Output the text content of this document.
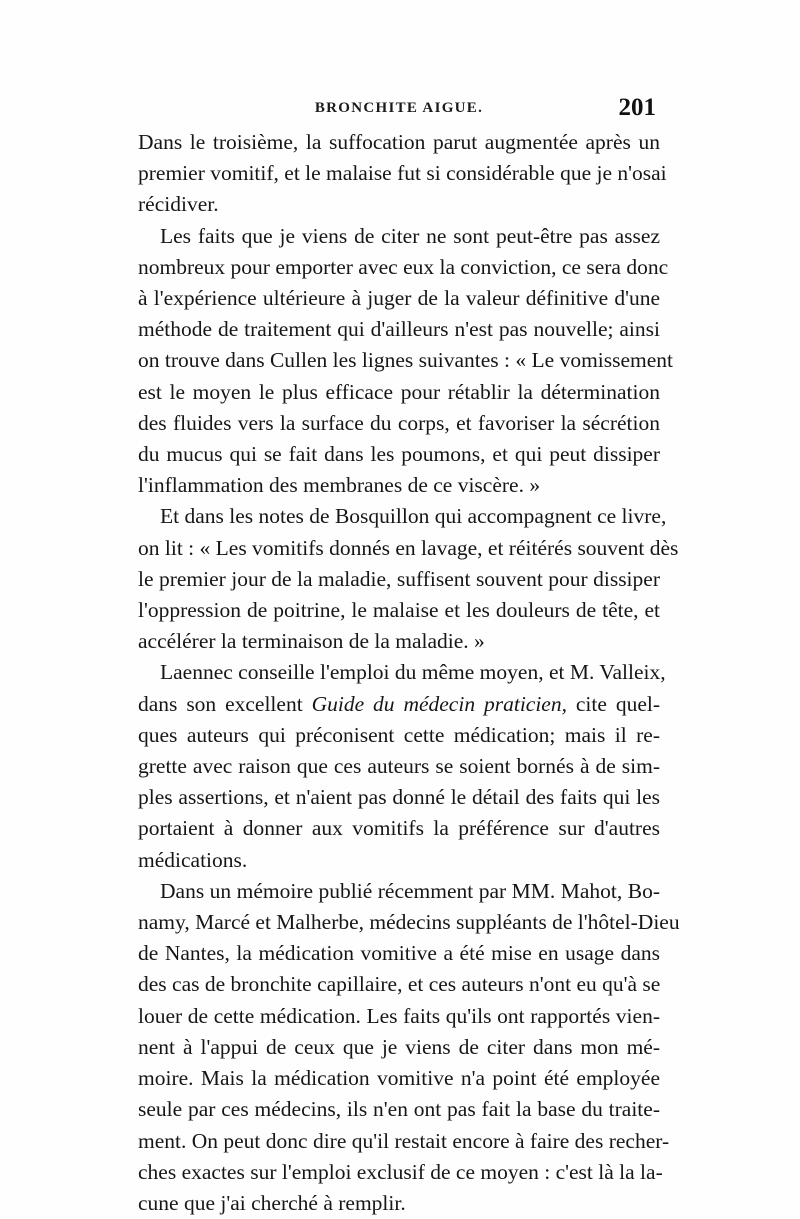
BRONCHITE AIGUE.	201
Dans le troisième, la suffocation parut augmentée après un
premier vomitif, et le malaise fut si considérable que je n'osai
récidiver.
Les faits que je viens de citer ne sont peut-être pas assez
nombreux pour emporter avec eux la conviction, ce sera donc
à l'expérience ultérieure à juger de la valeur définitive d'une
méthode de traitement qui d'ailleurs n'est pas nouvelle; ainsi
on trouve dans Cullen les lignes suivantes : « Le vomissement
est le moyen le plus efficace pour rétablir la détermination
des fluides vers la surface du corps, et favoriser la sécrétion
du mucus qui se fait dans les poumons, et qui peut dissiper
l'inflammation des membranes de ce viscère. »
Et dans les notes de Bosquillon qui accompagnent ce livre,
on lit : « Les vomitifs donnés en lavage, et réitérés souvent dès
le premier jour de la maladie, suffisent souvent pour dissiper
l'oppression de poitrine, le malaise et les douleurs de tête, et
accélérer la terminaison de la maladie. »
Laennec conseille l'emploi du même moyen, et M. Valleix,
dans son excellent Guide du médecin praticien, cite quel-
ques auteurs qui préconisent cette médication; mais il re-
grette avec raison que ces auteurs se soient bornés à de sim-
ples assertions, et n'aient pas donné le détail des faits qui les
portaient à donner aux vomitifs la préférence sur d'autres
médications.
Dans un mémoire publié récemment par MM. Mahot, Bo-
namy, Marcé et Malherbe, médecins suppléants de l'hôtel-Dieu
de Nantes, la médication vomitive a été mise en usage dans
des cas de bronchite capillaire, et ces auteurs n'ont eu qu'à se
louer de cette médication. Les faits qu'ils ont rapportés vien-
nent à l'appui de ceux que je viens de citer dans mon mé-
moire. Mais la médication vomitive n'a point été employée
seule par ces médecins, ils n'en ont pas fait la base du traite-
ment. On peut donc dire qu'il restait encore à faire des recher-
ches exactes sur l'emploi exclusif de ce moyen : c'est là la la-
cune que j'ai cherché à remplir.
